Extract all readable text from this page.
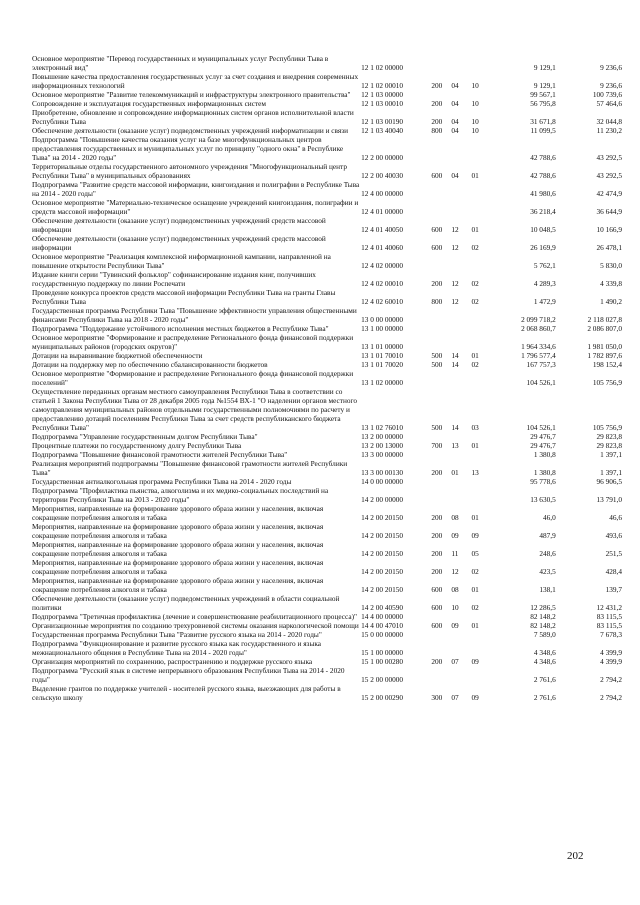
Основное мероприятие "Перевод государственных и муниципальных услуг Республики Тыва в электронный вид"	12 1 02 00000				9 129,1	9 236,6
Повышение качества предоставления государственных услуг за счет создания и внедрения современных информационных технологий	12 1 02 00010	200	04	10	9 129,1	9 236,6
Основное мероприятие "Развитие телекоммуникаций и инфраструктуры электронного правительства"	12 1 03 00000				99 567,1	100 739,6
Сопровождение и эксплуатация государственных информационных систем	12 1 03 00010	200	04	10	56 795,8	57 464,6
Приобретение, обновление и сопровождение информационных систем органов исполнительной власти Республики Тыва	12 1 03 00190	200	04	10	31 671,8	32 044,8
Обеспечение деятельности (оказание услуг) подведомственных учреждений информатизации и связи	12 1 03 40040	800	04	10	11 099,5	11 230,2
Подпрограмма "Повышение качества оказания услуг на базе многофункциональных центров предоставления государственных и муниципальных услуг по принципу "одного окна" в Республике Тыва" на 2014 - 2020 годы"	12 2 00 00000				42 788,6	43 292,5
Территориальные отделы государственного автономного учреждения "Многофункциональный центр Республики Тыва" в муниципальных образованиях	12 2 00 40030	600	04	01	42 788,6	43 292,5
Подпрограмма "Развитие средств массовой информации, книгоиздания и полиграфии в Республике Тыва на 2014 - 2020 годы"	12 4 00 00000				41 980,6	42 474,9
Основное мероприятие "Материально-техническое оснащение учреждений книгоиздания, полиграфии и средств массовой информации"	12 4 01 00000				36 218,4	36 644,9
Обеспечение деятельности (оказание услуг) подведомственных учреждений средств массовой информации	12 4 01 40050	600	12	01	10 048,5	10 166,9
Обеспечение деятельности (оказание услуг) подведомственных учреждений средств массовой информации	12 4 01 40060	600	12	02	26 169,9	26 478,1
Основное мероприятие "Реализация комплексной информационной кампании, направленной на повышение открытости Республики Тыва"	12 4 02 00000				5 762,1	5 830,0
Издание книги серии "Тувинский фольклор" софинансирование издания книг, получивших государственную поддержку по линии Роспечати	12 4 02 00010	200	12	02	4 289,3	4 339,8
Проведение конкурса проектов средств массовой информации Республики Тыва на гранты Главы Республики Тыва	12 4 02 60010	800	12	02	1 472,9	1 490,2
Государственная программа Республики Тыва "Повышение эффективности управления общественными финансами Республики Тыва на 2018 - 2020 годы"	13 0 00 00000				2 099 718,2	2 118 027,8
Подпрограмма "Поддержание устойчивого исполнения местных бюджетов в Республике Тыва"	13 1 00 00000				2 068 860,7	2 086 807,0
Основное мероприятие "Формирование и распределение Регионального фонда финансовой поддержки муниципальных районов (городских округов)"	13 1 01 00000				1 964 334,6	1 981 050,0
Дотации на выравнивание бюджетной обеспеченности	13 1 01 70010	500	14	01	1 796 577,4	1 782 897,6
Дотации на поддержку мер по обеспечению сбалансированности бюджетов	13 1 01 70020	500	14	02	167 757,3	198 152,4
Основное мероприятие "Формирование и распределение Регионального фонда финансовой поддержки поселений"	13 1 02 00000				104 526,1	105 756,9
Осуществление переданных органам местного самоуправления Республики Тыва в соответствии со статьей 1 Закона Республики Тыва от 28 декабря 2005 года №1554 ВХ-1 "О наделении органов местного самоуправления муниципальных районов отдельными государственными полномочиями по расчету и предоставлению дотаций поселениям Республики Тыва за счет средств республиканского бюджета Республики Тыва"	13 1 02 76010	500	14	03	104 526,1	105 756,9
Подпрограмма "Управление государственным долгом Республики Тыва"	13 2 00 00000				29 476,7	29 823,8
Процентные платежи по государственному долгу Республики Тыва	13 2 00 13000	700	13	01	29 476,7	29 823,8
Подпрограмма "Повышение финансовой грамотности жителей Республики Тыва"	13 3 00 00000				1 380,8	1 397,1
Реализация мероприятий подпрограммы "Повышение финансовой грамотности жителей Республики Тыва"	13 3 00 00130	200	01	13	1 380,8	1 397,1
Государственная антиалкогольная программа Республики Тыва на 2014 - 2020 годы	14 0 00 00000				95 778,6	96 906,5
Подпрограмма "Профилактика пьянства, алкоголизма и их медико-социальных последствий на территории Республики Тыва на 2013 - 2020 годы"	14 2 00 00000				13 630,5	13 791,0
Мероприятия, направленные на формирование здорового образа жизни у населения, включая сокращение потребления алкоголя и табака	14 2 00 20150	200	08	01	46,0	46,6
Мероприятия, направленные на формирование здорового образа жизни у населения, включая сокращение потребления алкоголя и табака	14 2 00 20150	200	09	09	487,9	493,6
Мероприятия, направленные на формирование здорового образа жизни у населения, включая сокращение потребления алкоголя и табака	14 2 00 20150	200	11	05	248,6	251,5
Мероприятия, направленные на формирование здорового образа жизни у населения, включая сокращение потребления алкоголя и табака	14 2 00 20150	200	12	02	423,5	428,4
Мероприятия, направленные на формирование здорового образа жизни у населения, включая сокращение потребления алкоголя и табака	14 2 00 20150	600	08	01	138,1	139,7
Обеспечение деятельности (оказание услуг) подведомственных учреждений в области социальной политики	14 2 00 40590	600	10	02	12 286,5	12 431,2
Подпрограмма "Третичная профилактика (лечение и совершенствование реабилитационного процесса)"	14 4 00 00000				82 148,2	83 115,5
Организационные мероприятия по созданию трехуровневой системы оказания наркологической помощи	14 4 00 47010	600	09	01	82 148,2	83 115,5
Государственная программа Республики Тыва "Развитие русского языка на 2014 - 2020 годы"	15 0 00 00000				7 589,0	7 678,3
Подпрограмма "Функционирование и развитие русского языка как государственного и языка межнационального общения в Республике Тыва на 2014 - 2020 годы"	15 1 00 00000				4 348,6	4 399,9
Организация мероприятий по сохранению, распространению и поддержке русского языка	15 1 00 00280	200	07	09	4 348,6	4 399,9
Подпрограмма "Русский язык в системе непрерывного образования Республики Тыва на 2014 - 2020 годы"	15 2 00 00000				2 761,6	2 794,2
Выделение грантов по поддержке учителей - носителей русского языка, выезжающих для работы в сельскую школу	15 2 00 00290	300	07	09	2 761,6	2 794,2
202
